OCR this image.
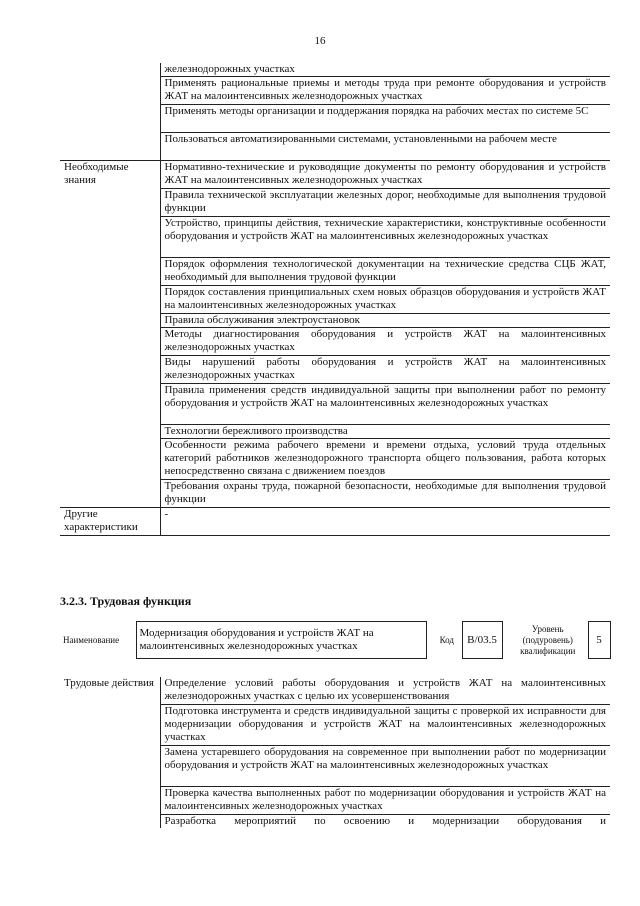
16

	железнодорожных участках

	Применять рациональные приемы и методы труда при ремонте оборудования и устройств ЖАТ на малоинтенсивных железнодорожных участках

	Применять методы организации и поддержания порядка на рабочих местах по системе 5С

	Пользоваться автоматизированными системами, установленными на рабочем месте

Необходимые знания	Нормативно-технические и руководящие документы по ремонту оборудования и устройств ЖАТ на малоинтенсивных железнодорожных участках

	Правила технической эксплуатации железных дорог, необходимые для выполнения трудовой функции

	Устройство, принципы действия, технические характеристики, конструктивные особенности оборудования и устройств ЖАТ на малоинтенсивных железнодорожных участках

	Порядок оформления технологической документации на технические средства СЦБ ЖАТ, необходимый для выполнения трудовой функции

	Порядок составления принципиальных схем новых образцов оборудования и устройств ЖАТ на малоинтенсивных железнодорожных участках

	Правила обслуживания электроустановок

	Методы диагностирования оборудования и устройств ЖАТ на малоинтенсивных железнодорожных участках

	Виды нарушений работы оборудования и устройств ЖАТ на малоинтенсивных железнодорожных участках

	Правила применения средств индивидуальной защиты при выполнении работ по ремонту оборудования и устройств ЖАТ на малоинтенсивных железнодорожных участках

	Технологии бережливого производства

	Особенности режима рабочего времени и времени отдыха, условий труда отдельных категорий работников железнодорожного транспорта общего пользования, работа которых непосредственно связана с движением поездов

	Требования охраны труда, пожарной безопасности, необходимые для выполнения трудовой функции

Другие характеристики	-
3.2.3. Трудовая функция
Наименование	Модернизация оборудования и устройств ЖАТ на малоинтенсивных железнодорожных участках		Код	B/03.5		Уровень (подуровень) квалификации	5
Трудовые действия	Определение условий работы оборудования и устройств ЖАТ на малоинтенсивных железнодорожных участках с целью их усовершенствования

	Подготовка инструмента и средств индивидуальной защиты с проверкой их исправности для модернизации оборудования и устройств ЖАТ на малоинтенсивных железнодорожных участках

	Замена устаревшего оборудования на современное при выполнении работ по модернизации оборудования и устройств ЖАТ на малоинтенсивных железнодорожных участках

	Проверка качества выполненных работ по модернизации оборудования и устройств ЖАТ на малоинтенсивных железнодорожных участках

	Разработка мероприятий по освоению и модернизации оборудования и
